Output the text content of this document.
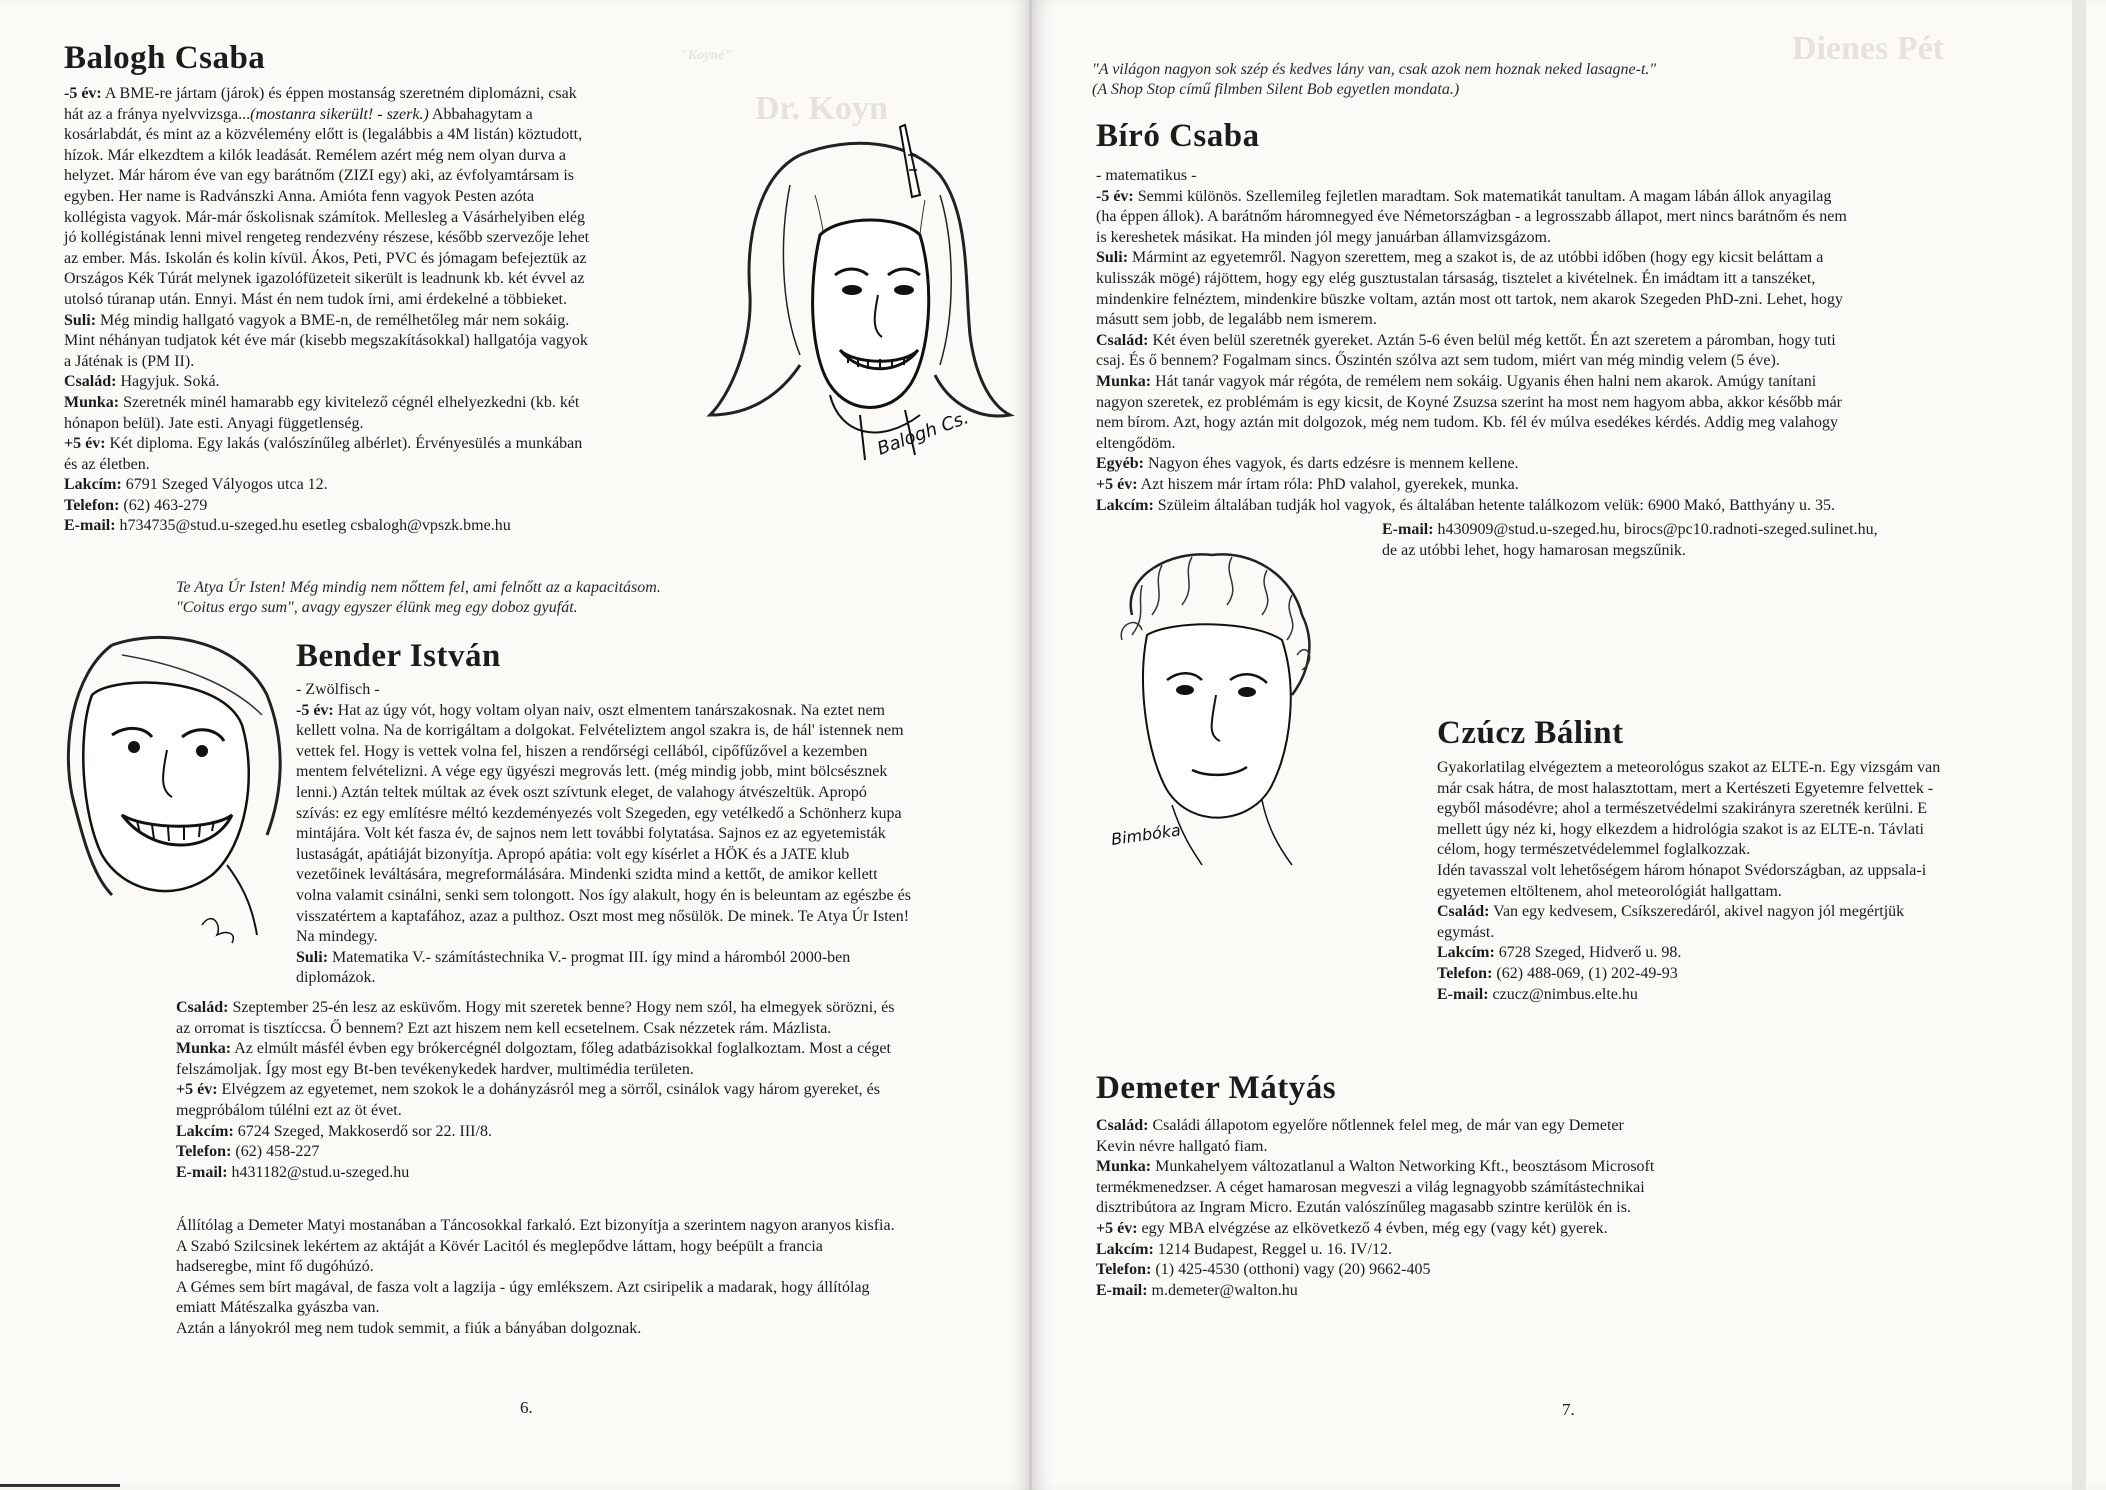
Dr. Koyn
"Koyné"
Balogh Csaba

-5 év: A BME-re jártam (járok) és éppen mostanság szeretném diplomázni, csak

hát az a frányа nyelvvizsga...(mostanra sikerült! - szerk.) Abbahagytam a

kosárlabdát, és mint az a közvélemény előtt is (legalábbis a 4M listán) köztudott,

hízok. Már elkezdtem a kilók leadását. Remélem azért még nem olyan durva a

helyzet. Már három éve van egy barátnőm (ZIZI egy) aki, az évfolyamtársam is

egyben. Her name is Radvánszki Anna. Amióta fenn vagyok Pesten azóta

kollégista vagyok. Már-már őskolisnak számítok. Mellesleg a Vásárhelyiben elég

jó kollégistának lenni mivel rengeteg rendezvény részese, később szervezője lehet

az ember. Más. Iskolán és kolin kívül. Ákos, Peti, PVC és jómagam befejeztük az

Országos Kék Túrát melynek igazolófüzetеit sikerült is leadnunk kb. két évvel az

utolsó túranap után. Ennyi. Mást én nem tudok írni, ami érdekelné a többieket.

Suli: Még mindig hallgató vagyok a BME-n, de remélhetőleg már nem sokáig.

Mint néhányan tudjatok két éve már (kisebb megszakításokkal) hallgatója vagyok

a Játénak is (PM II).

Család: Hagyjuk. Soká.

Munka: Szeretnék minél hamarabb egy kivitelező cégnél elhelyezkedni (kb. két

hónapon belül). Jate esti. Anyagi függetlenség.

+5 év: Két diploma. Egy lakás (valószínűleg albérlet). Érvényesülés a munkában

és az életben.

Lakcím: 6791 Szeged Vályogos utca 12.

Telefon: (62) 463-279

E-mail: h734735@stud.u-szeged.hu esetleg csbalogh@vpszk.bme.hu

Balogh Cs.
Te Atya Úr Isten! Még mindig nem nőttem fel, ami felnőtt az a kapacitásom.
"Coitus ergo sum", avagy egyszer élünk meg egy doboz gyufát.
Bender István

- Zwölfisch -

-5 év: Hat az úgy vót, hogy voltam olyan naiv, oszt elmentem tanárszakosnak. Na eztet nem

kellett volna. Na de korrigáltam a dolgokat. Felvételiztem angol szakra is, de hál' istennek nem

vettek fel. Hogy is vettek volna fel, hiszen a rendőrségi cellából, cipőfűzővel a kezemben

mentem felvételizni. A vége egy ügyészi megrovás lett. (még mindig jobb, mint bölcsésznek

lenni.) Aztán teltek múltak az évek oszt szívtunk eleget, de valahogy átvészeltük. Apropó

szívás: ez egy említésre méltó kezdeményezés volt Szegeden, egy vetélkedő a Schönherz kupa

mintájára. Volt két fasza év, de sajnos nem lett további folytatása. Sajnos ez az egyetemisták

lustaságát, apátiáját bizonyítja. Apropó apátia: volt egy kísérlet a HÖK és a JATE klub

vezetőinek leváltására, megreformálására. Mindenki szidta mind a kettőt, de amikor kellett

volna valamit csinálni, senki sem tolongott. Nos így alakult, hogy én is beleuntam az egészbe és

visszatértem a kaptafához, azaz a pulthoz. Oszt most meg nősülök. De minek. Te Atya Úr Isten!

Na mindegy.

Suli: Matematika V.- számítástechnika V.- progmat III. így mind a háromból 2000-ben

diplomázok.

Család: Szeptember 25-én lesz az esküvőm. Hogy mit szeretek benne? Hogy nem szól, ha elmegyek sörözni, és

az orromat is tisztíccsa. Ő bennem? Ezt azt hiszem nem kell ecsetelnem. Csak nézzetek rám. Mázlista.

Munka: Az elmúlt másfél évben egy brókercégnél dolgoztam, főleg adatbázisokkal foglalkoztam. Most a céget

felszámoljak. Így most egy Bt-ben tevékenykedek hardver, multimédia területen.

+5 év: Elvégzem az egyetemet, nem szokok le a dohányzásról meg a sörről, csinálok vagy három gyereket, és

megpróbálom túlélni ezt az öt évet.

Lakcím: 6724 Szeged, Makkoserdő sor 22. III/8.

Telefon: (62) 458-227

E-mail: h431182@stud.u-szeged.hu

Állítólag a Demeter Matyi mostanában a Táncosokkal farkaló. Ezt bizonyítja a szerintem nagyon aranyos kisfia.

A Szabó Szilcsinek lekértem az aktáját a Kövér Lacitól és meglepődve láttam, hogy beépült a francia

hadseregbe, mint fő dugóhúzó.

A Gémes sem bírt magával, de fasza volt a lagzija - úgy emlékszem. Azt csiripelik a madarak, hogy állítólag

emiatt Mátészalka gyászba van.

Aztán a lányokról meg nem tudok semmit, a fiúk a bányában dolgoznak.

6.
Dienes Pét
"A világon nagyon sok szép és kedves lány van, csak azok nem hoznak neked lasagne-t."
(A Shop Stop című filmben Silent Bob egyetlen mondata.)
Bíró Csaba

- matematikus -

-5 év: Semmi különös. Szellemileg fejletlen maradtam. Sok matematikát tanultam. A magam lábán állok anyagilag

(ha éppen állok). A barátnőm háromnegyed éve Németországban - a legrosszabb állapot, mert nincs barátnőm és nem

is kereshetek másikat. Ha minden jól megy januárban államvizsgázom.

Suli: Mármint az egyetemről. Nagyon szerettem, meg a szakot is, de az utóbbi időben (hogy egy kicsit beláttam a

kulisszák mögé) rájöttem, hogy egy elég gusztustalan társaság, tisztelet a kivételnek. Én imádtam itt a tanszéket,

mindenkire felnéztem, mindenkire büszke voltam, aztán most ott tartok, nem akarok Szegeden PhD-zni. Lehet, hogy

másutt sem jobb, de legalább nem ismerem.

Család: Két éven belül szeretnék gyereket. Aztán 5-6 éven belül még kettőt. Én azt szeretem a páromban, hogy tuti

csaj. És ő bennem? Fogalmam sincs. Őszintén szólva azt sem tudom, miért van még mindig velem (5 éve).

Munka: Hát tanár vagyok már régóta, de remélem nem sokáig. Ugyanis éhen halni nem akarok. Amúgy tanítani

nagyon szeretek, ez problémám is egy kicsit, de Koyné Zsuzsa szerint ha most nem hagyom abba, akkor később már

nem bírom. Azt, hogy aztán mit dolgozok, még nem tudom. Kb. fél év múlva esedékes kérdés. Addig meg valahogy

eltengődöm.

Egyéb: Nagyon éhes vagyok, és darts edzésre is mennem kellene.

+5 év: Azt hiszem már írtam róla: PhD valahol, gyerekek, munka.

Lakcím: Szüleim általában tudják hol vagyok, és általában hetente találkozom velük: 6900 Makó, Batthyány u. 35.

E-mail: h430909@stud.u-szeged.hu, birocs@pc10.radnoti-szeged.sulinet.hu,

de az utóbbi lehet, hogy hamarosan megszűnik.

Bimbóka
Czúcz Bálint

Gyakorlatilag elvégeztem a meteorológus szakot az ELTE-n. Egy vizsgám van

már csak hátra, de most halasztottam, mert a Kertészeti Egyetemre felvettek -

egyből másodévre; ahol a természetvédelmi szakirányra szeretnék kerülni. E

mellett úgy néz ki, hogy elkezdem a hidrológia szakot is az ELTE-n. Távlati

célom, hogy természetvédelemmel foglalkozzak.

Idén tavasszal volt lehetőségem három hónapot Svédországban, az uppsala-i

egyetemen eltöltenem, ahol meteorológiát hallgattam.

Család: Van egy kedvesem, Csíkszeredáról, akivel nagyon jól megértjük

egymást.

Lakcím: 6728 Szeged, Hidverő u. 98.

Telefon: (62) 488-069, (1) 202-49-93

E-mail: czucz@nimbus.elte.hu

Demeter Mátyás

Család: Családi állapotom egyelőre nőtlennek felel meg, de már van egy Demeter

Kevin névre hallgató fiam.

Munka: Munkahelyem változatlanul a Walton Networking Kft., beosztásom Microsoft

termékmenedzser. A céget hamarosan megveszi a világ legnagyobb számítástechnikai

disztribútora az Ingram Micro. Ezután valószínűleg magasabb szintre kerülök én is.

+5 év: egy MBA elvégzése az elkövetkező 4 évben, még egy (vagy két) gyerek.

Lakcím: 1214 Budapest, Reggel u. 16. IV/12.

Telefon: (1) 425-4530 (otthoni) vagy (20) 9662-405

E-mail: m.demeter@walton.hu

7.
